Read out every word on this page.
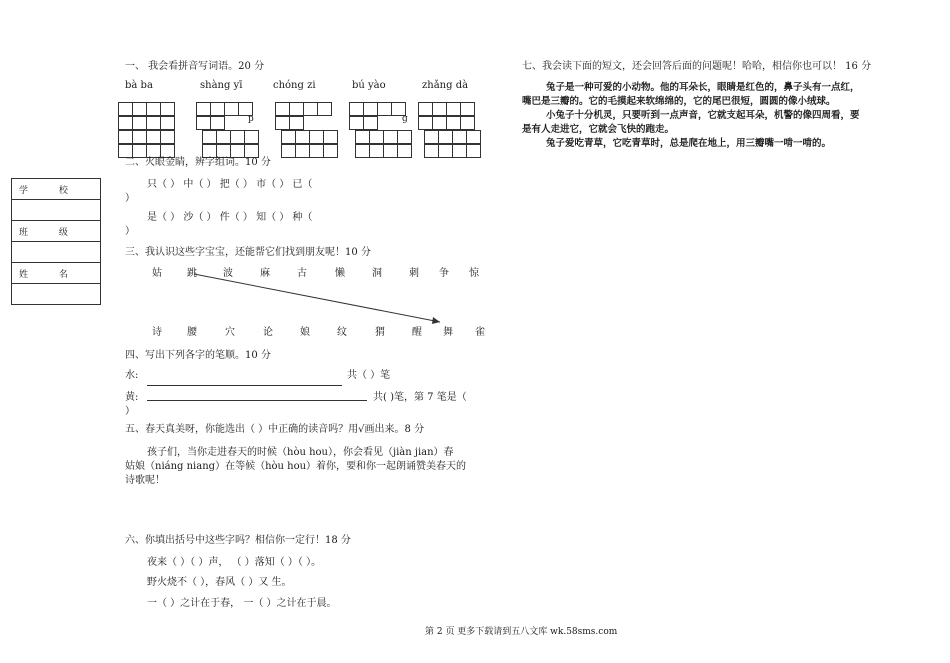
学 校
班 级
姓 名
一、 我会看拼音写词语。20 分
bà ba	shàng yī	chóng zi	bú yào	zhǎng dà
p	g
二、火眼金睛，辨字组词。10 分
只（ ） 中（ ） 把（ ） 市（ ） 已（
）
是（ ） 沙（ ） 件（ ） 知（ ） 种（
）
三、我认识这些字宝宝，还能帮它们找到朋友呢！10 分
姑	跳	波	麻	古	懒	洞	刺 争 惊
诗	腰	穴	论	娘	纹	猬	醒 舞 雀
四、写出下列各字的笔顺。10 分
水:	共（ ）笔
黄:	共( )笔，第 7 笔是（
）
五、春天真美呀，你能选出（ ）中正确的读音吗？用√画出来。8 分
孩子们，当你走进春天的时候（hòu hou），你会看见（jiàn jian）春
姑娘（niáng niang）在等候（hòu hou）着你，要和你一起朗诵赞美春天的
诗歌呢！
六、你填出括号中这些字吗？相信你一定行！18 分
夜来（ ）（ ）声， （ ）落知（ ）（ ）。
野火烧不（ ），春风（ ）又 生。
一（ ）之计在于春， 一（ ）之计在于晨。
七、我会读下面的短文，还会回答后面的问题呢！哈哈，相信你也可以！ 16 分
兔子是一种可爱的小动物。他的耳朵长，眼睛是红色的，鼻子头有一点红，
嘴巴是三瓣的。它的毛摸起来软绵绵的，它的尾巴很短，圆圆的像小绒球。
小兔子十分机灵，只要听到一点声音，它就支起耳朵，机警的像四周看，要
是有人走进它，它就会飞快的跑走。
兔子爱吃青草，它吃青草时，总是爬在地上，用三瓣嘴一啃一啃的。
第 2 页 更多下载请到五八文库 wk.58sms.com
